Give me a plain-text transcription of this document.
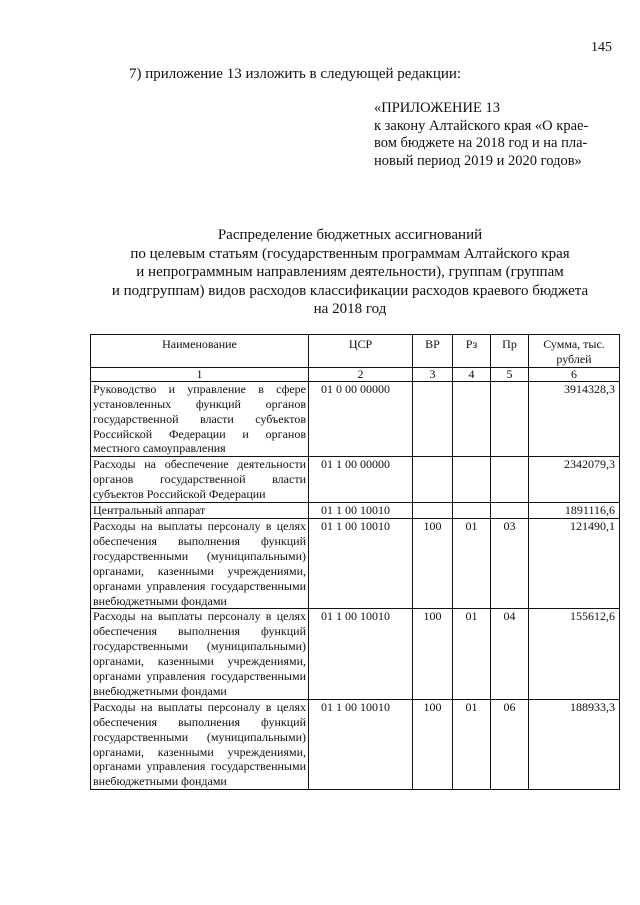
145
7) приложение 13 изложить в следующей редакции:
«ПРИЛОЖЕНИЕ 13
к закону Алтайского края «О крае-
вом бюджете на 2018 год и на пла-
новый период 2019 и 2020 годов»
Распределение бюджетных ассигнований
по целевым статьям (государственным программам Алтайского края
и непрограммным направлениям деятельности), группам (группам
и подгруппам) видов расходов классификации расходов краевого бюджета
на 2018 год
Наименование	ЦСР	ВР	Рз	Пр	Сумма, тыс. рублей
1	2	3	4	5	6
Руководство и управление в сфере установленных функций органов государственной власти субъектов Российской Федерации и органов местного самоуправления	01 0 00 00000				3914328,3
Расходы на обеспечение деятельности органов государственной власти субъектов Российской Федерации	01 1 00 00000				2342079,3
Центральный аппарат	01 1 00 10010				1891116,6
Расходы на выплаты персоналу в целях обеспечения выполнения функций государственными (муниципальными) органами, казенными учреждениями, органами управления государственными внебюджетными фондами	01 1 00 10010	100	01	03	121490,1
Расходы на выплаты персоналу в целях обеспечения выполнения функций государственными (муниципальными) органами, казенными учреждениями, органами управления государственными внебюджетными фондами	01 1 00 10010	100	01	04	155612,6
Расходы на выплаты персоналу в целях обеспечения выполнения функций государственными (муниципальными) органами, казенными учреждениями, органами управления государственными внебюджетными фондами	01 1 00 10010	100	01	06	188933,3
